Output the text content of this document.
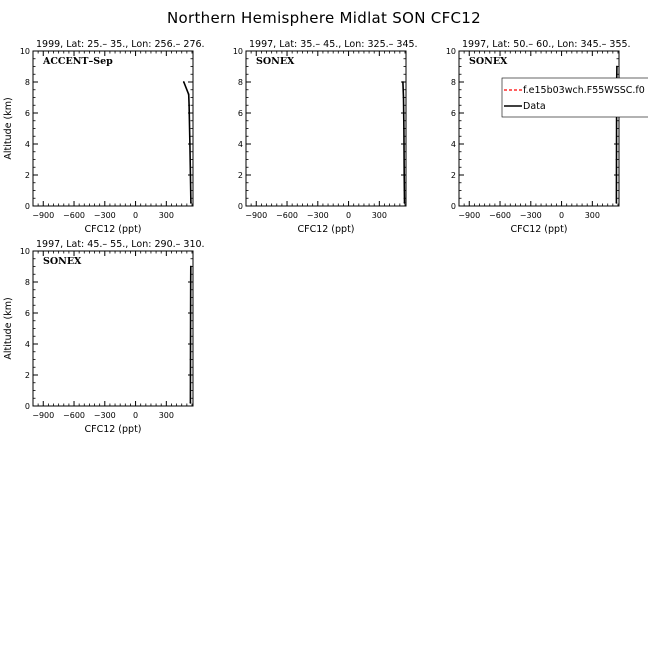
Northern Hemisphere Midlat SON CFC12
1999, Lat: 25.– 35., Lon: 256.– 276.
0
2
4
6
8
10
−900 −600 −300 0	300
CFC12 (ppt)
Altitude (km)
ACCENT–Sep
1997, Lat: 35.– 45., Lon: 325.– 345.
0
2
4
6
8
10
−900 −600 −300 0	300
CFC12 (ppt)
SONEX
1997, Lat: 50.– 60., Lon: 345.– 355.
0
2
4
6
8
10
−900 −600 −300 0	300
CFC12 (ppt)
SONEX
f.e15b03wch.F55WSSC.f0
Data
1997, Lat: 45.– 55., Lon: 290.– 310.
0
2
4
6
8
10
−900 −600 −300 0	300
CFC12 (ppt)
Altitude (km)
SONEX
